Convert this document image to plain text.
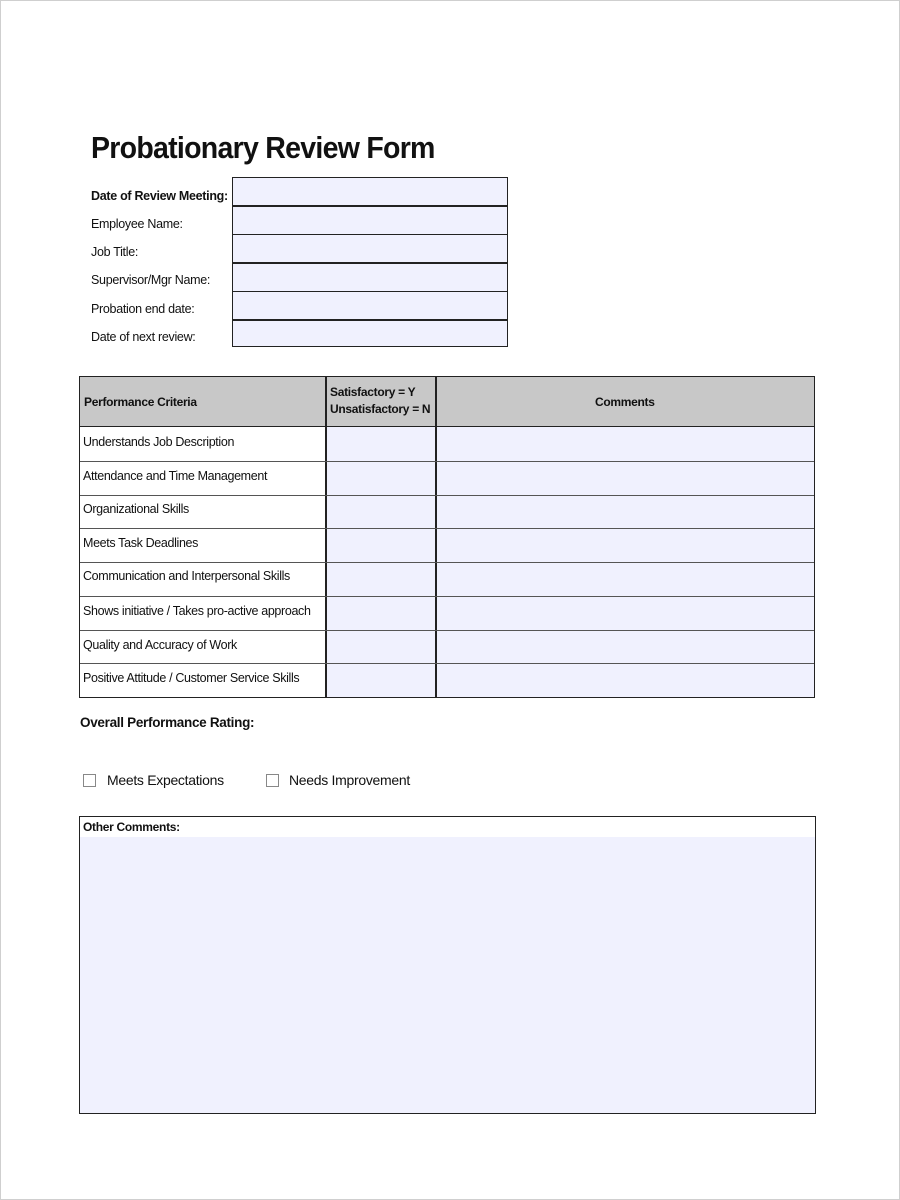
Probationary Review Form
Date of Review Meeting:
Employee Name:
Job Title:
Supervisor/Mgr Name:
Probation end date:
Date of next review:
Performance Criteria
Satisfactory = Y
Unsatisfactory = N	Comments
Understands Job Description
Attendance and Time Management
Organizational Skills
Meets Task Deadlines
Communication and Interpersonal Skills
Shows initiative / Takes pro-active approach
Quality and Accuracy of Work
Positive Attitude / Customer Service Skills
Overall Performance Rating:
Meets Expectations	Needs Improvement
Other Comments:
